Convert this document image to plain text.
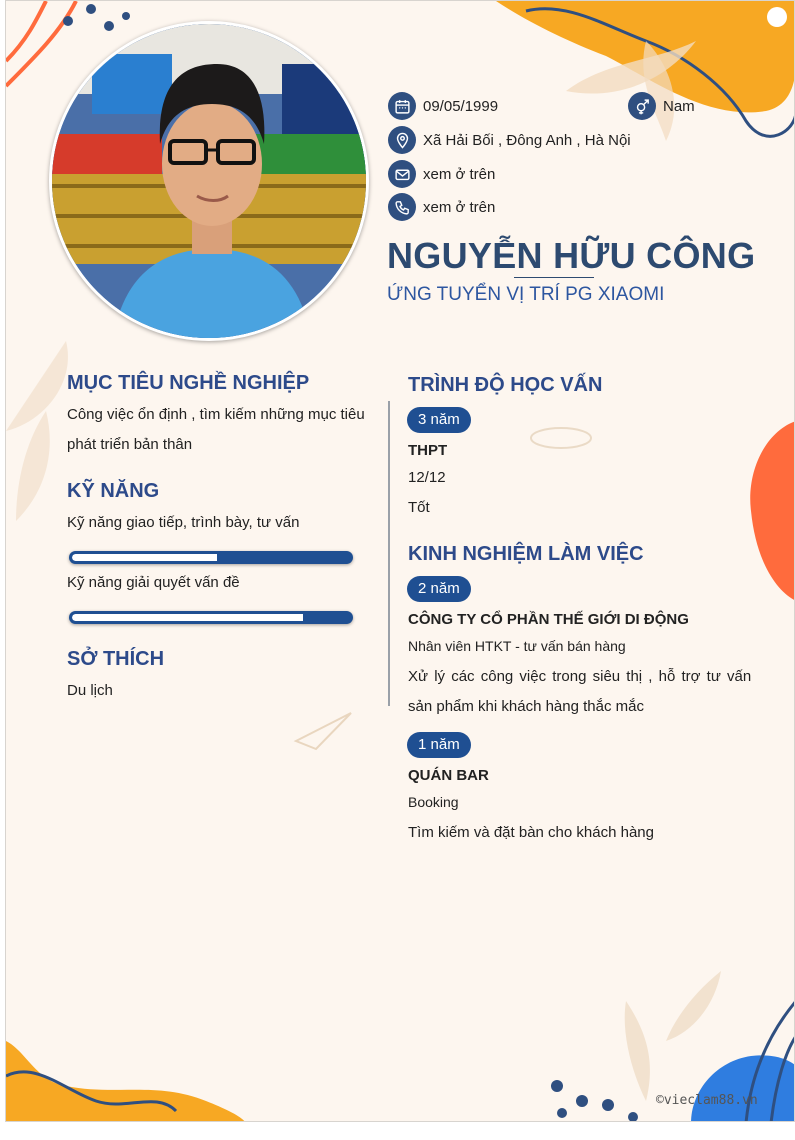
09/05/1999	Nam
Xã Hải Bối , Đông Anh , Hà Nội
xem ở trên
xem ở trên
NGUYỄN HỮU CÔNG
ỨNG TUYỂN VỊ TRÍ PG XIAOMI
MỤC TIÊU NGHỀ NGHIỆP
Công việc ổn định , tìm kiếm những mục tiêu
phát triển bản thân
KỸ NĂNG
Kỹ năng giao tiếp, trình bày, tư vấn
Kỹ năng giải quyết vấn đề
SỞ THÍCH
Du lịch
TRÌNH ĐỘ HỌC VẤN
3 năm
THPT
12/12
Tốt
KINH NGHIỆM LÀM VIỆC
2 năm
CÔNG TY CỔ PHẦN THẾ GIỚI DI ĐỘNG
Nhân viên HTKT - tư vấn bán hàng
Xử lý các công việc trong siêu thị , hỗ trợ tư vấn
sản phẩm khi khách hàng thắc mắc
1 năm
QUÁN BAR
Booking
Tìm kiếm và đặt bàn cho khách hàng
©vieclam88.vn
